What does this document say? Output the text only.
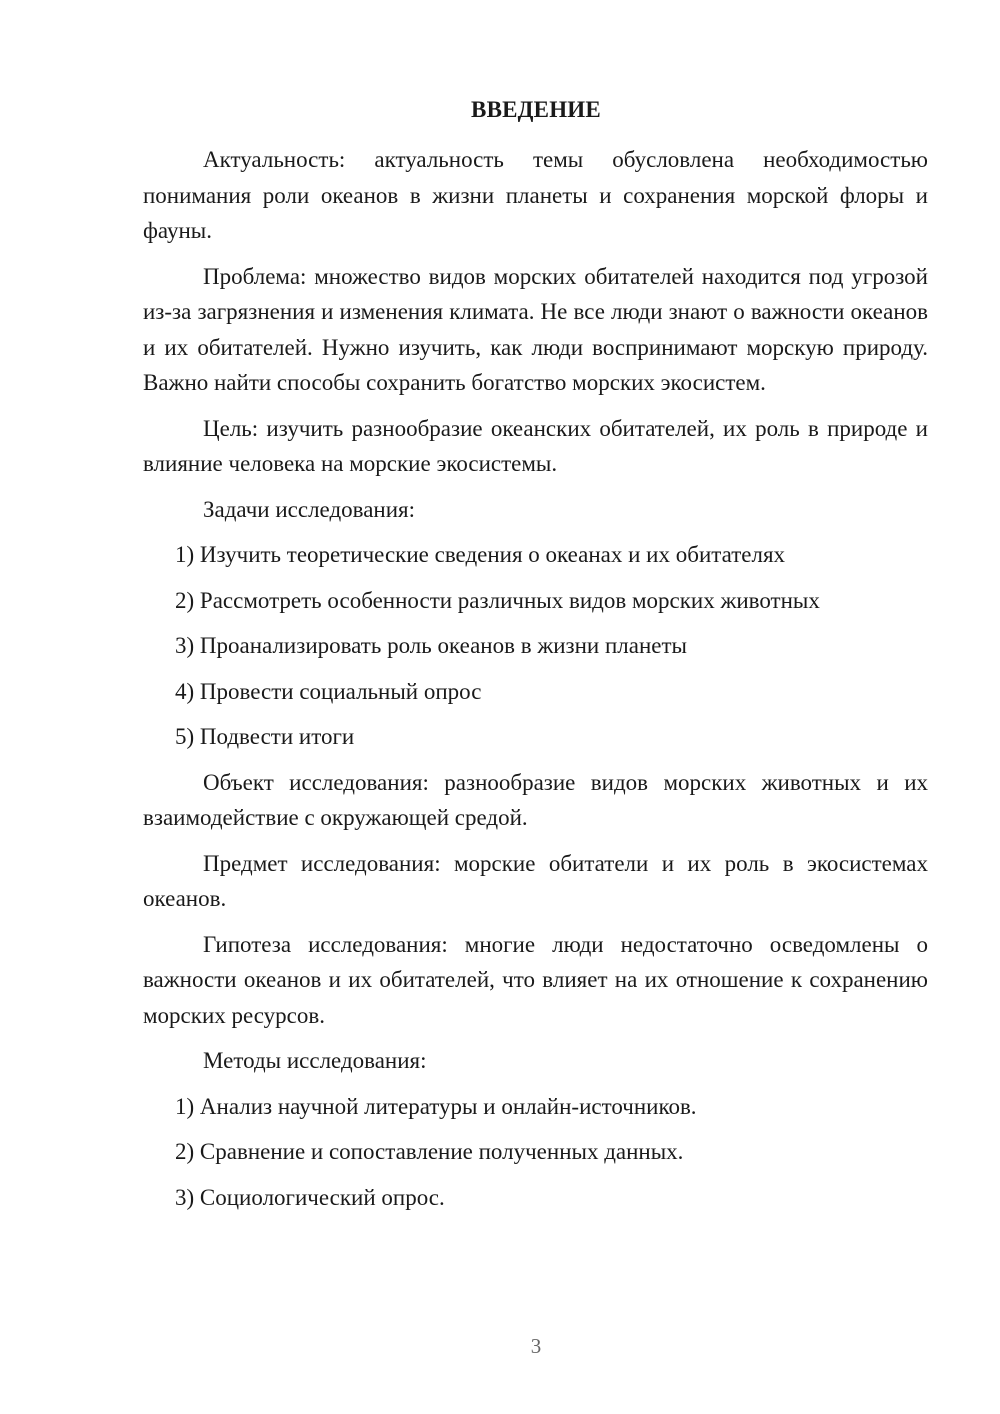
ВВЕДЕНИЕ

Актуальность: актуальность темы обусловлена необходимостью понимания роли океанов в жизни планеты и сохранения морской флоры и фауны.

Проблема: множество видов морских обитателей находится под угрозой из-за загрязнения и изменения климата. Не все люди знают о важности океанов и их обитателей. Нужно изучить, как люди воспринимают морскую природу. Важно найти способы сохранить богатство морских экосистем.

Цель: изучить разнообразие океанских обитателей, их роль в природе и влияние человека на морские экосистемы.

Задачи исследования:

1) Изучить теоретические сведения о океанах и их обитателях

2) Рассмотреть особенности различных видов морских животных

3) Проанализировать роль океанов в жизни планеты

4) Провести социальный опрос

5) Подвести итоги

Объект исследования: разнообразие видов морских животных и их взаимодействие с окружающей средой.

Предмет исследования: морские обитатели и их роль в экосистемах океанов.

Гипотеза исследования: многие люди недостаточно осведомлены о важности океанов и их обитателей, что влияет на их отношение к сохранению морских ресурсов.

Методы исследования:

1) Анализ научной литературы и онлайн-источников.

2) Сравнение и сопоставление полученных данных.

3) Социологический опрос.

3
